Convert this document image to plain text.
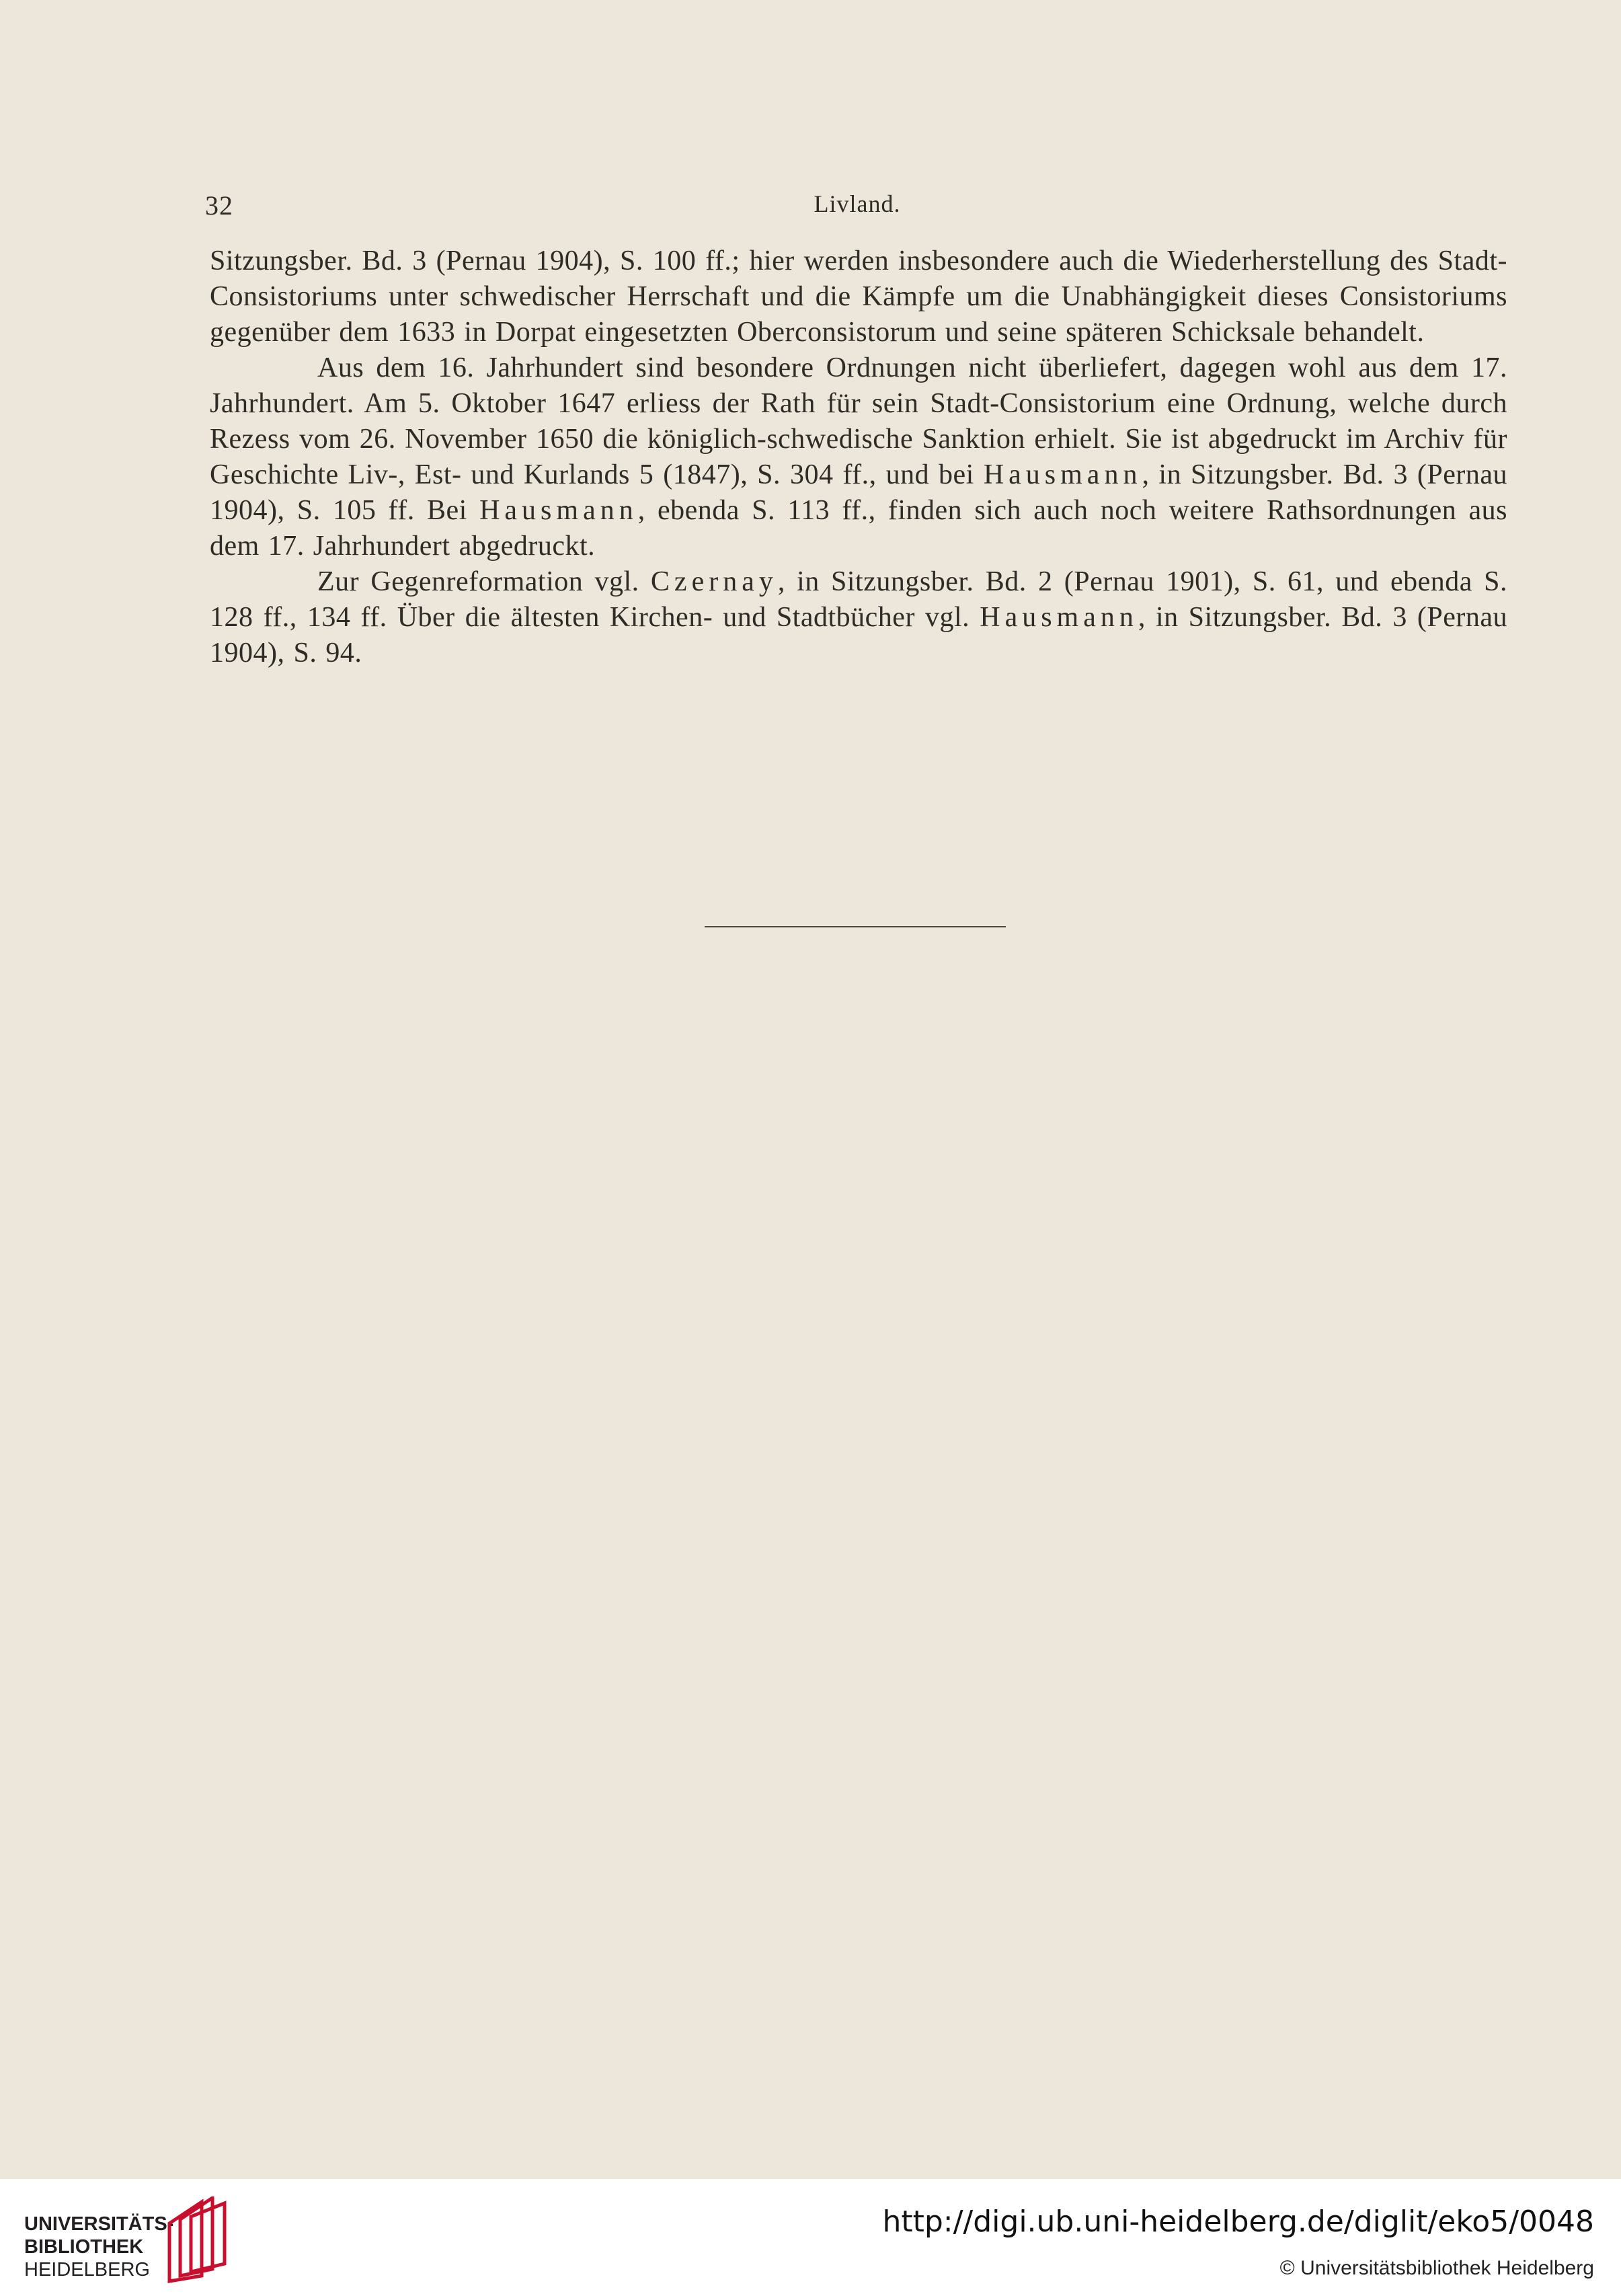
32	Livland.

Sitzungsber. Bd. 3 (Pernau 1904), S. 100 ff.; hier werden insbesondere auch die Wiederherstellung des Stadt-Consistoriums unter schwedischer Herrschaft und die Kämpfe um die Unabhängigkeit dieses Consistoriums gegenüber dem 1633 in Dorpat eingesetzten Oberconsistorum und seine späteren Schicksale behandelt.

Aus dem 16. Jahrhundert sind besondere Ordnungen nicht überliefert, dagegen wohl aus dem 17. Jahrhundert. Am 5. Oktober 1647 erliess der Rath für sein Stadt-Consistorium eine Ordnung, welche durch Rezess vom 26. November 1650 die königlich-schwedische Sanktion erhielt. Sie ist abgedruckt im Archiv für Geschichte Liv-, Est- und Kurlands 5 (1847), S. 304 ff., und bei Hausmann, in Sitzungsber. Bd. 3 (Pernau 1904), S. 105 ff. Bei Hausmann, ebenda S. 113 ff., finden sich auch noch weitere Rathsordnungen aus dem 17. Jahrhundert abgedruckt.

Zur Gegenreformation vgl. Czernay, in Sitzungsber. Bd. 2 (Pernau 1901), S. 61, und ebenda S. 128 ff., 134 ff. Über die ältesten Kirchen- und Stadtbücher vgl. Hausmann, in Sitzungsber. Bd. 3 (Pernau 1904), S. 94.

UNIVERSITÄTS-
BIBLIOTHEK
HEIDELBERG
http://digi.ub.uni-heidelberg.de/diglit/eko5/0048
© Universitätsbibliothek Heidelberg
